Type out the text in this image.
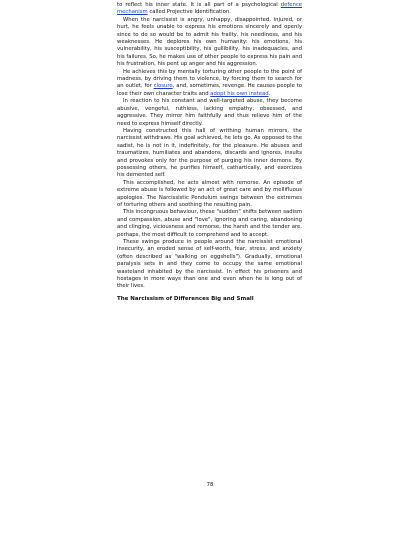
to reflect his inner state. It is all part of a psychological defence mechanism called Projective Identification.

When the narcissist is angry, unhappy, disappointed, injured, or hurt, he feels unable to express his emotions sincerely and openly since to do so would be to admit his frailty, his neediness, and his weaknesses. He deplores his own humanity: his emotions, his vulnerability, his susceptibility, his gullibility, his inadequacies, and his failures. So, he makes use of other people to express his pain and his frustration, his pent up anger and his aggression.

He achieves this by mentally torturing other people to the point of madness, by driving them to violence, by forcing them to search for an outlet, for closure, and, sometimes, revenge. He causes people to lose their own character traits and adopt his own instead.

In reaction to his constant and well-targeted abuse, they become abusive, vengeful, ruthless, lacking empathy, obsessed, and aggressive. They mirror him faithfully and thus relieve him of the need to express himself directly.

Having constructed this hall of writhing human mirrors, the narcissist withdraws. His goal achieved, he lets go. As opposed to the sadist, he is not in it, indefinitely, for the pleasure. He abuses and traumatizes, humiliates and abandons, discards and ignores, insults and provokes only for the purpose of purging his inner demons. By possessing others, he purifies himself, cathartically, and exorcizes his demented self.

This accomplished, he acts almost with remorse. An episode of extreme abuse is followed by an act of great care and by mellifluous apologies. The Narcissistic Pendulum swings between the extremes of torturing others and soothing the resulting pain.

This incongruous behaviour, these "sudden" shifts between sadism and compassion, abuse and "love", ignoring and caring, abandoning and clinging, viciousness and remorse, the harsh and the tender are, perhaps, the most difficult to comprehend and to accept.

These swings produce in people around the narcissist emotional insecurity, an eroded sense of self-worth, fear, stress, and anxiety (often described as "walking on eggshells"). Gradually, emotional paralysis sets in and they come to occupy the same emotional wasteland inhabited by the narcissist. In effect his prisoners and hostages in more ways than one and even when he is long out of their lives.

The Narcissism of Differences Big and Small
78
